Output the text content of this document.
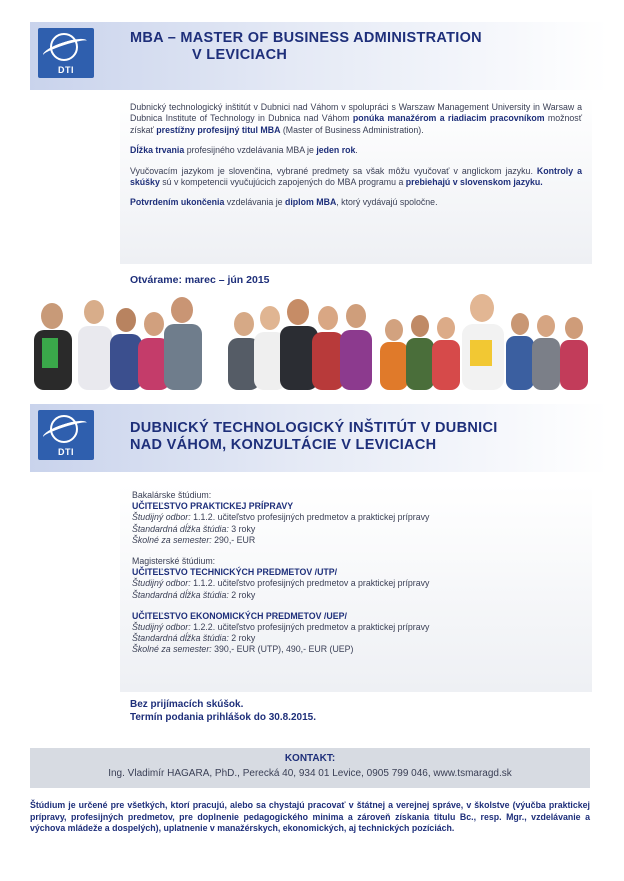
DTI
MBA – MASTER OF BUSINESS ADMINISTRATION
V LEVICIACH

Dubnický technologický inštitút v Dubnici nad Váhom v spolupráci s Warszaw Management University in Warsaw a Dubnica Institute of Technology in Dubnica nad Váhom ponúka manažérom a riadiacim pracovníkom možnosť získať prestížny profesijný titul MBA (Master of Business Administration).

Dĺžka trvania profesijného vzdelávania MBA je jeden rok.

Vyučovacím jazykom je slovenčina, vybrané predmety sa však môžu vyučovať v anglickom jazyku. Kontroly a skúšky sú v kompetencii vyučujúcich zapojených do MBA programu a prebiehajú v slovenskom jazyku.

Potvrdením ukončenia vzdelávania je diplom MBA, ktorý vydávajú spoločne.

Otvárame: marec – jún 2015
DTI
DUBNICKÝ TECHNOLOGICKÝ INŠTITÚT V DUBNICI
NAD VÁHOM, KONZULTÁCIE V LEVICIACH
Bakalárske štúdium:
UČITEĽSTVO PRAKTICKEJ PRÍPRAVY
Študijný odbor: 1.1.2. učiteľstvo profesijných predmetov a praktickej prípravy
Štandardná dĺžka štúdia: 3 roky
Školné za semester: 290,- EUR
Magisterské štúdium:
UČITEĽSTVO TECHNICKÝCH PREDMETOV /UTP/
Študijný odbor: 1.1.2. učiteľstvo profesijných predmetov a praktickej prípravy
Štandardná dĺžka štúdia: 2 roky
UČITEĽSTVO EKONOMICKÝCH PREDMETOV /UEP/
Študijný odbor: 1.2.2. učiteľstvo profesijných predmetov a praktickej prípravy
Štandardná dĺžka štúdia: 2 roky
Školné za semester: 390,- EUR (UTP), 490,- EUR (UEP)
Bez prijímacích skúšok.
Termín podania prihlášok do 30.8.2015.
KONTAKT:
Ing. Vladimír HAGARA, PhD., Perecká 40, 934 01 Levice, 0905 799 046, www.tsmaragd.sk
Štúdium je určené pre všetkých, ktorí pracujú, alebo sa chystajú pracovať v štátnej a verejnej správe, v školstve (výučba praktickej prípravy, profesijných predmetov, pre doplnenie pedagogického minima a zároveň získania titulu Bc., resp. Mgr., vzdelávanie a výchova mládeže a dospelých), uplatnenie v manažérskych, ekonomických, aj technických pozíciách.
